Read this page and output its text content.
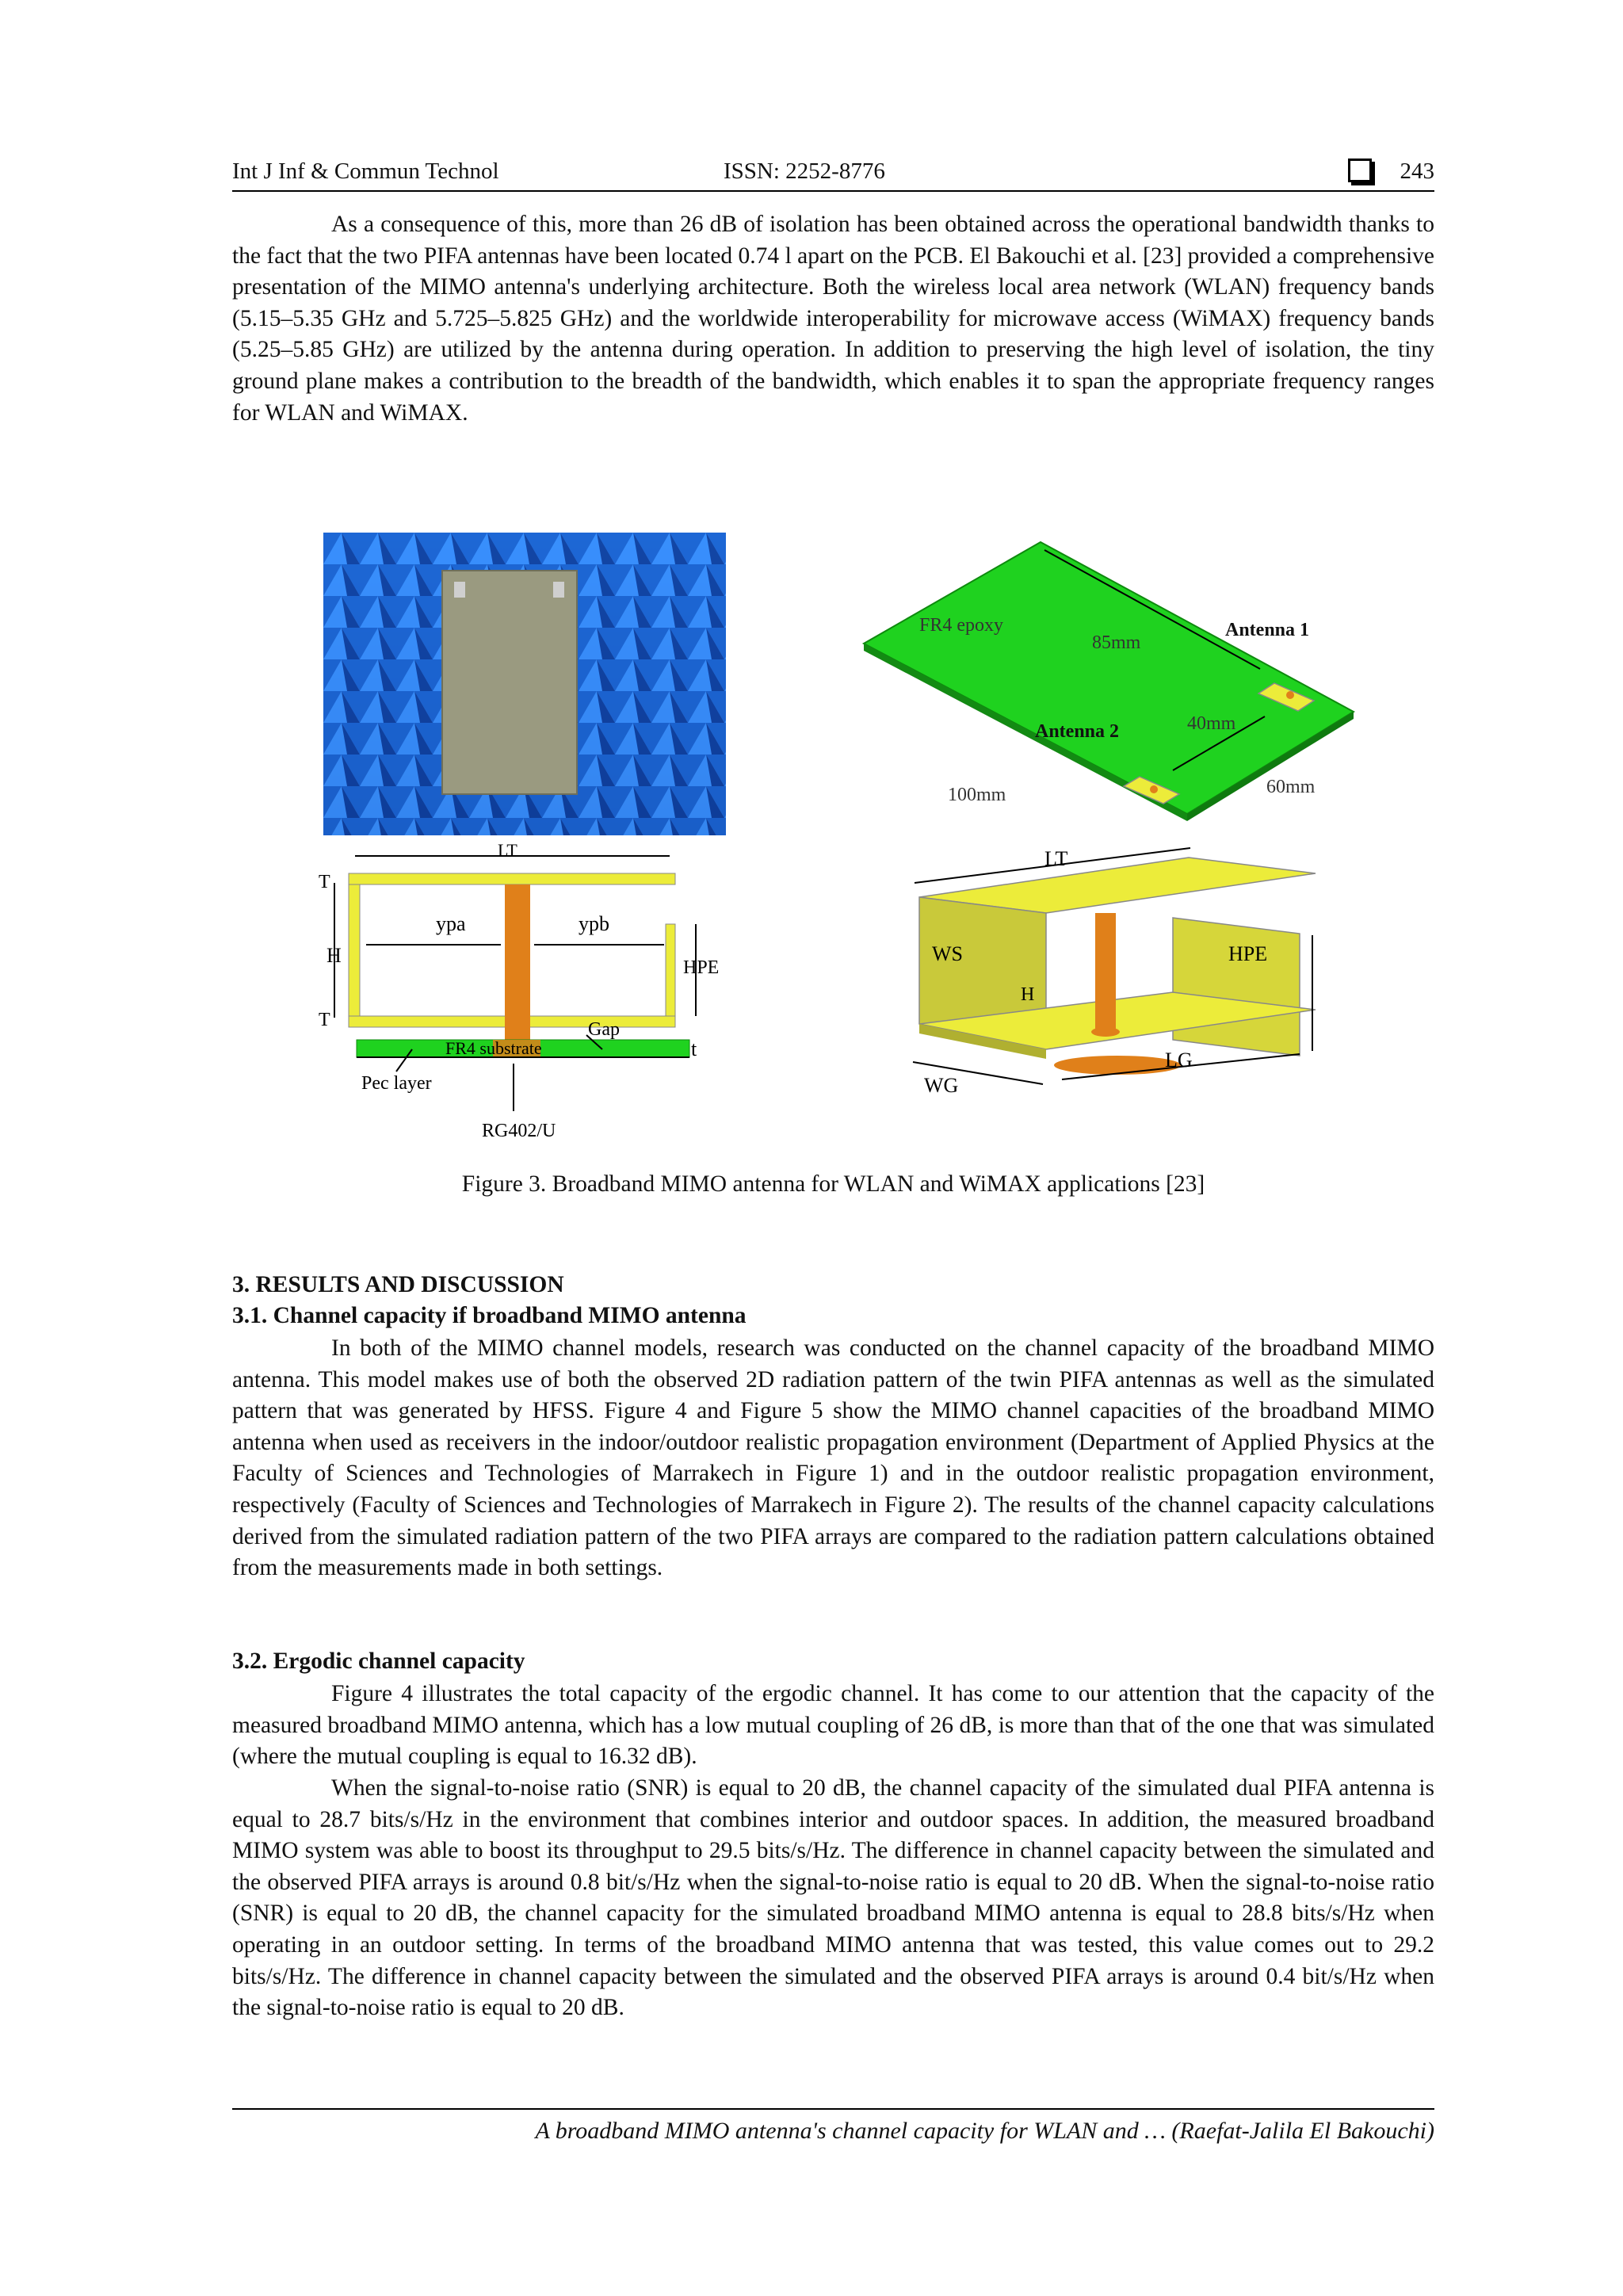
Int J Inf & Commun Technol	ISSN: 2252-8776	243

As a consequence of this, more than 26 dB of isolation has been obtained across the operational bandwidth thanks to the fact that the two PIFA antennas have been located 0.74 l apart on the PCB. El Bakouchi et al. [23] provided a comprehensive presentation of the MIMO antenna's underlying architecture. Both the wireless local area network (WLAN) frequency bands (5.15–5.35 GHz and 5.725–5.825 GHz) and the worldwide interoperability for microwave access (WiMAX) frequency bands (5.25–5.85 GHz) are utilized by the antenna during operation. In addition to preserving the high level of isolation, the tiny ground plane makes a contribution to the breadth of the bandwidth, which enables it to span the appropriate frequency ranges for WLAN and WiMAX.

FR4 epoxy
85mm
Antenna 1
40mm
Antenna 2
100mm	60mm
LT
T
H
ypa	ypb
HPE
T	Gap
FR4 substrate	t
Pec layer
RG402/U
LT
WS	HPE
H
WG
LG
Figure 3. Broadband MIMO antenna for WLAN and WiMAX applications [23]
3. RESULTS AND DISCUSSION
3.1. Channel capacity if broadband MIMO antenna

In both of the MIMO channel models, research was conducted on the channel capacity of the broadband MIMO antenna. This model makes use of both the observed 2D radiation pattern of the twin PIFA antennas as well as the simulated pattern that was generated by HFSS. Figure 4 and Figure 5 show the MIMO channel capacities of the broadband MIMO antenna when used as receivers in the indoor/outdoor realistic propagation environment (Department of Applied Physics at the Faculty of Sciences and Technologies of Marrakech in Figure 1) and in the outdoor realistic propagation environment, respectively (Faculty of Sciences and Technologies of Marrakech in Figure 2). The results of the channel capacity calculations derived from the simulated radiation pattern of the two PIFA arrays are compared to the radiation pattern calculations obtained from the measurements made in both settings.

3.2. Ergodic channel capacity

Figure 4 illustrates the total capacity of the ergodic channel. It has come to our attention that the capacity of the measured broadband MIMO antenna, which has a low mutual coupling of 26 dB, is more than that of the one that was simulated (where the mutual coupling is equal to 16.32 dB).

When the signal-to-noise ratio (SNR) is equal to 20 dB, the channel capacity of the simulated dual PIFA antenna is equal to 28.7 bits/s/Hz in the environment that combines interior and outdoor spaces. In addition, the measured broadband MIMO system was able to boost its throughput to 29.5 bits/s/Hz. The difference in channel capacity between the simulated and the observed PIFA arrays is around 0.8 bit/s/Hz when the signal-to-noise ratio is equal to 20 dB. When the signal-to-noise ratio (SNR) is equal to 20 dB, the channel capacity for the simulated broadband MIMO antenna is equal to 28.8 bits/s/Hz when operating in an outdoor setting. In terms of the broadband MIMO antenna that was tested, this value comes out to 29.2 bits/s/Hz. The difference in channel capacity between the simulated and the observed PIFA arrays is around 0.4 bit/s/Hz when the signal-to-noise ratio is equal to 20 dB.

A broadband MIMO antenna's channel capacity for WLAN and … (Raefat-Jalila El Bakouchi)
